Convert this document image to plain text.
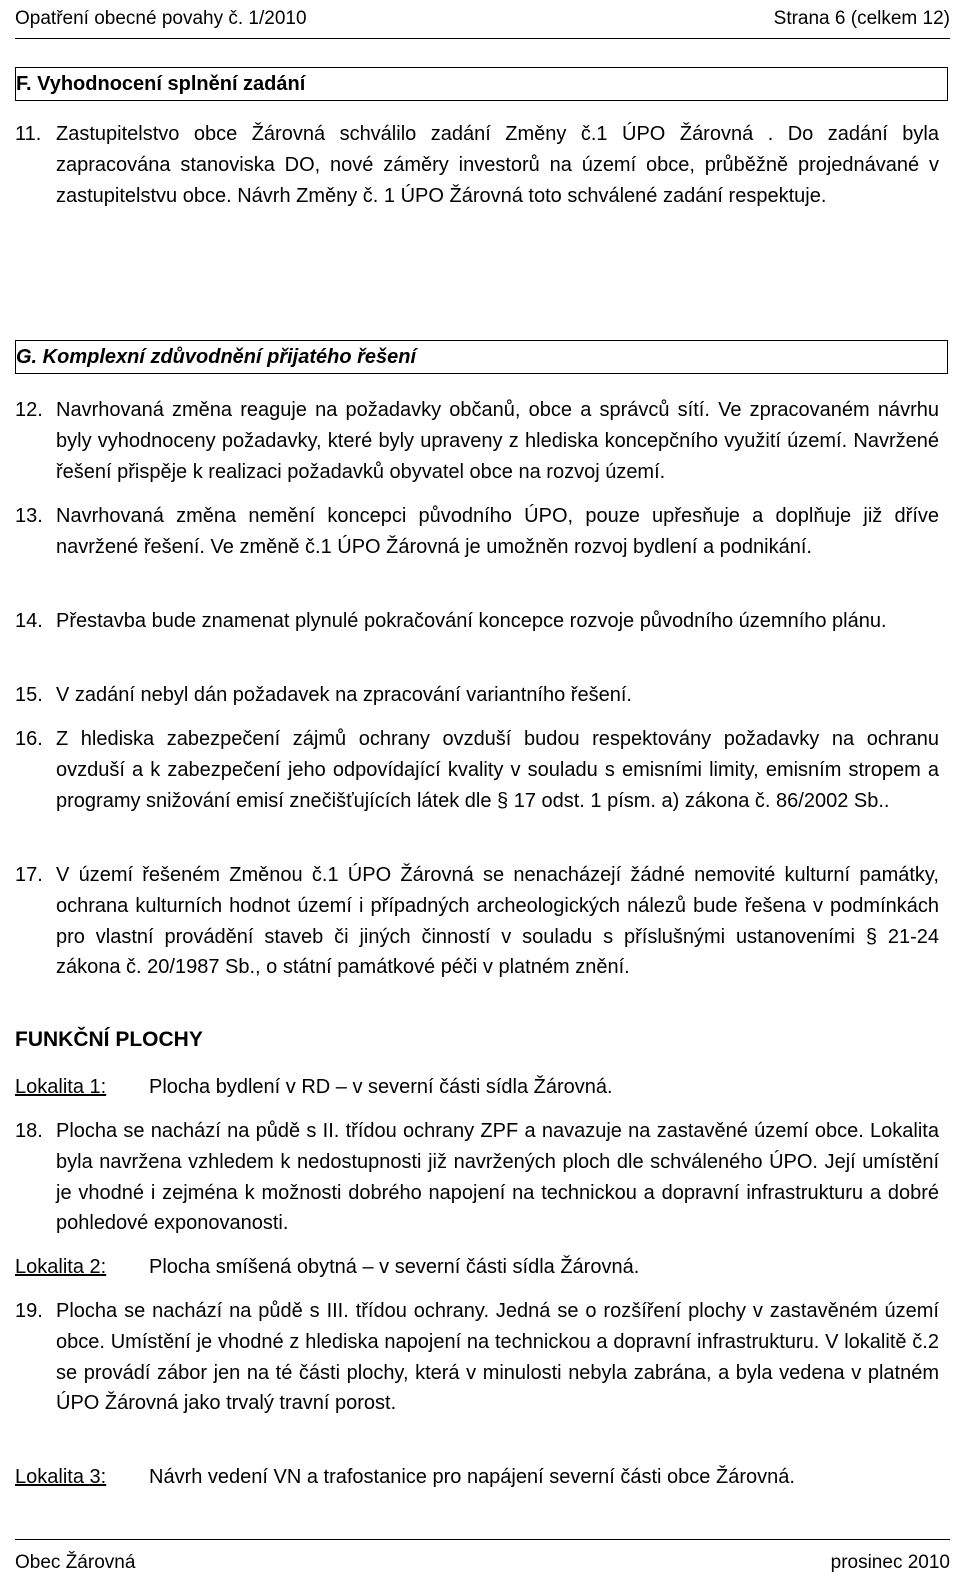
Opatření obecné povahy č. 1/2010	Strana 6 (celkem 12)
F. Vyhodnocení splnění zadání
11. Zastupitelstvo obce Žárovná schválilo zadání Změny č.1 ÚPO Žárovná . Do zadání byla zapracována stanoviska DO, nové záměry investorů na území obce, průběžně projednávané v zastupitelstvu obce. Návrh Změny č. 1 ÚPO Žárovná toto schválené zadání respektuje.
G. Komplexní zdůvodnění přijatého řešení
12. Navrhovaná změna reaguje na požadavky občanů, obce a správců sítí. Ve zpracovaném návrhu byly vyhodnoceny požadavky, které byly upraveny z hlediska koncepčního využití území. Navržené řešení přispěje k realizaci požadavků obyvatel obce na rozvoj území.
13. Navrhovaná změna nemění koncepci původního ÚPO, pouze upřesňuje a doplňuje již dříve navržené řešení. Ve změně č.1 ÚPO Žárovná je umožněn rozvoj bydlení a podnikání.
14. Přestavba bude znamenat plynulé pokračování koncepce rozvoje původního územního plánu.
15. V zadání nebyl dán požadavek na zpracování variantního řešení.
16. Z hlediska zabezpečení zájmů ochrany ovzduší budou respektovány požadavky na ochranu ovzduší a k zabezpečení jeho odpovídající kvality v souladu s emisními limity, emisním stropem a programy snižování emisí znečišťujících látek dle § 17 odst. 1 písm. a) zákona č. 86/2002 Sb..
17. V území řešeném Změnou č.1 ÚPO Žárovná se nenacházejí žádné nemovité kulturní památky, ochrana kulturních hodnot území i případných archeologických nálezů bude řešena v podmínkách pro vlastní provádění staveb či jiných činností v souladu s příslušnými ustanoveními § 21-24 zákona č. 20/1987 Sb., o státní památkové péči v platném znění.
FUNKČNÍ PLOCHY
Lokalita 1:	Plocha bydlení v RD – v severní části sídla Žárovná.
18. Plocha se nachází na půdě s II. třídou ochrany ZPF a navazuje na zastavěné území obce. Lokalita byla navržena vzhledem k nedostupnosti již navržených ploch dle schváleného ÚPO. Její umístění je vhodné i zejména k možnosti dobrého napojení na technickou a dopravní infrastrukturu a dobré pohledové exponovanosti.
Lokalita 2:	Plocha smíšená obytná – v severní části sídla Žárovná.
19. Plocha se nachází na půdě s III. třídou ochrany. Jedná se o rozšíření plochy v zastavěném území obce. Umístění je vhodné z hlediska napojení na technickou a dopravní infrastrukturu. V lokalitě č.2 se provádí zábor jen na té části plochy, která v minulosti nebyla zabrána, a byla vedena v platném ÚPO Žárovná jako trvalý travní porost.
Lokalita 3:	Návrh vedení VN a trafostanice pro napájení severní části obce Žárovná.
Obec Žárovná	prosinec 2010
